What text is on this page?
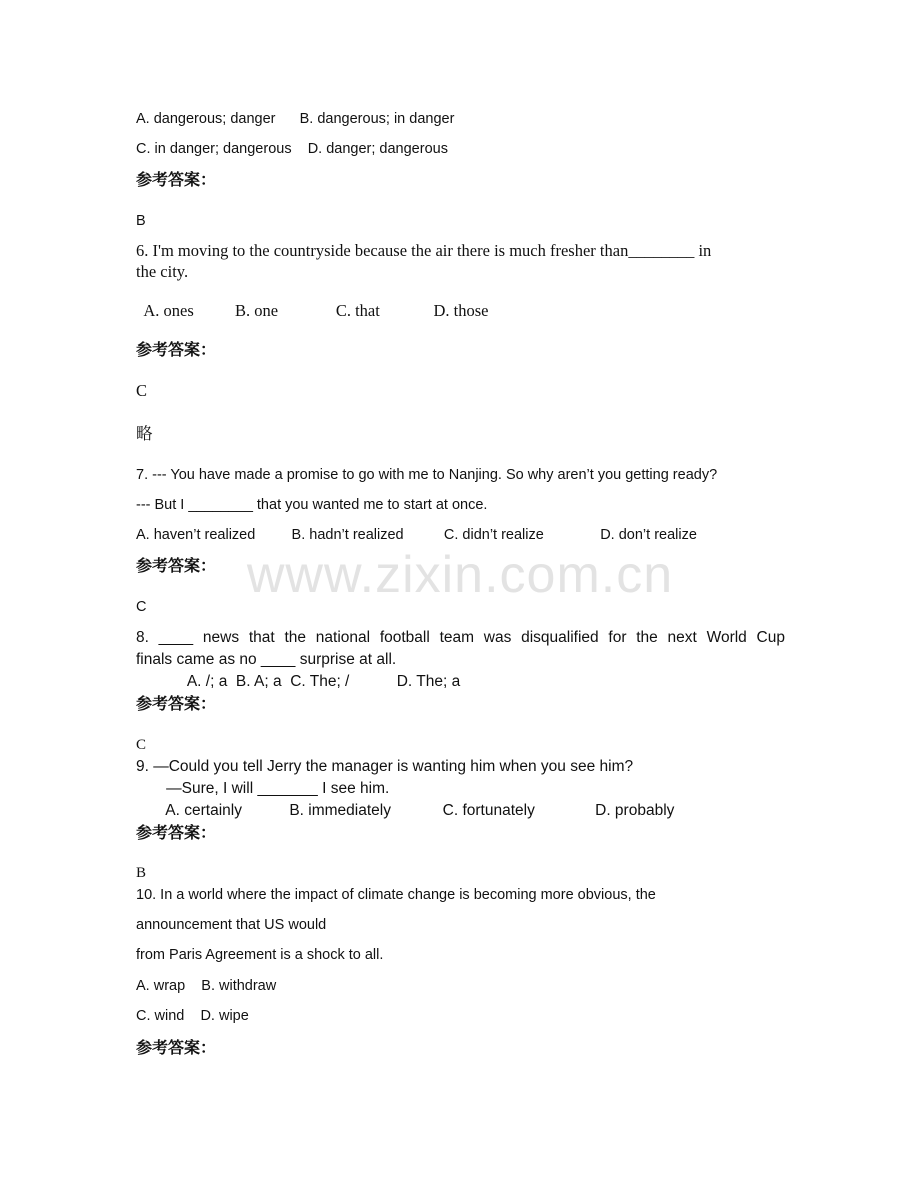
www.zixin.com.cn
A. dangerous; danger      B. dangerous; in danger
C. in danger; dangerous    D. danger; dangerous
参考答案：
B
6. I'm moving to the countryside because the air there is much fresher than________ in
the city.
A. ones          B. one              C. that             D. those
参考答案：
C
略
7. --- You have made a promise to go with me to Nanjing. So why aren’t you getting ready?
--- But I ________ that you wanted me to start at once.
A. haven’t realized         B. hadn’t realized          C. didn’t realize              D. don’t realize
参考答案：
C
8. ____ news that the national football team was disqualified for the next World Cup
finals came as no ____ surprise at all.
A. /; a  B. A; a  C. The; /           D. The; a
参考答案：
C
9. —Could you tell Jerry the manager is wanting him when you see him?
—Sure, I will _______ I see him.
A. certainly           B. immediately            C. fortunately              D. probably
参考答案：
B
10. In a world where the impact of climate change is becoming more obvious, the
announcement that US would
from Paris Agreement is a shock to all.
A. wrap    B. withdraw
C. wind    D. wipe
参考答案：
